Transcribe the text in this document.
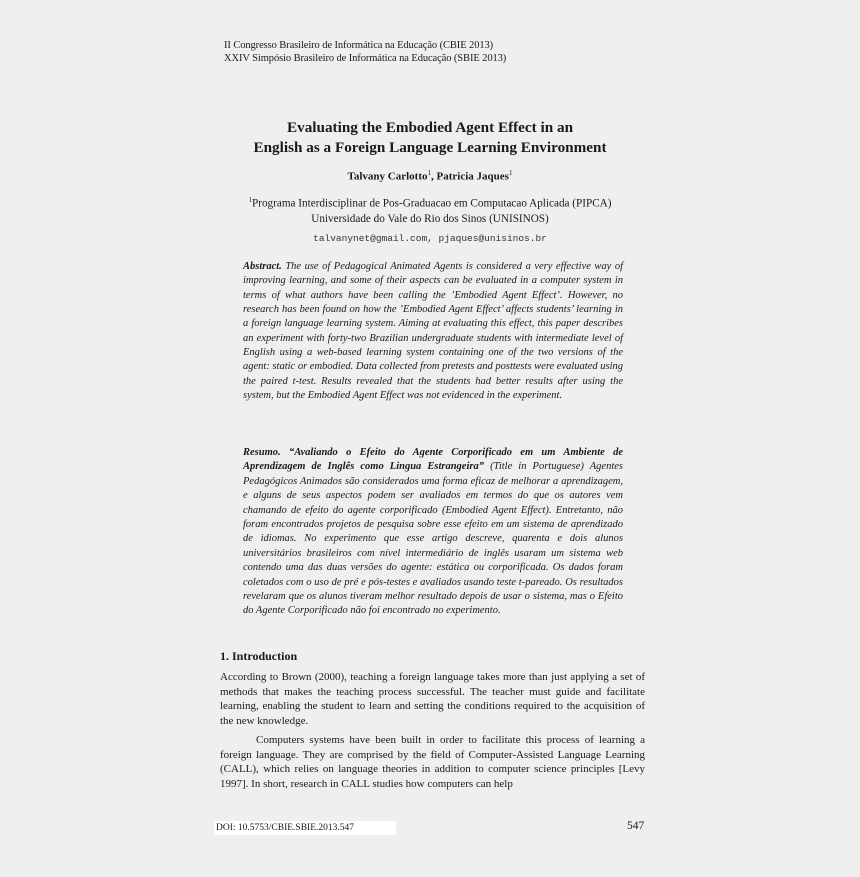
II Congresso Brasileiro de Informática na Educação (CBIE 2013)
XXIV Simpósio Brasileiro de Informática na Educação (SBIE 2013)
Evaluating the Embodied Agent Effect in an
English as a Foreign Language Learning Environment
Talvany Carlotto$^1$, Patricia Jaques$^1$
$^1$Programa Interdisciplinar de Pos-Graduacao em Computacao Aplicada (PIPCA)
Universidade do Vale do Rio dos Sinos (UNISINOS)
talvanynet@gmail.com, pjaques@unisinos.br
Abstract. The use of Pedagogical Animated Agents is considered a very effective way of improving learning, and some of their aspects can be evaluated in a computer system in terms of what authors have been calling the ’Embodied Agent Effect’. However, no research has been found on how the ’Embodied Agent Effect’ affects students’ learning in a foreign language learning system. Aiming at evaluating this effect, this paper describes an experiment with forty-two Brazilian undergraduate students with intermediate level of English using a web-based learning system containing one of the two versions of the agent: static or embodied. Data collected from pretests and posttests were evaluated using the paired t-test. Results revealed that the students had better results after using the system, but the Embodied Agent Effect was not evidenced in the experiment.
Resumo. “Avaliando o Efeito do Agente Corporificado em um Ambiente de Aprendizagem de Inglês como Lingua Estrangeira” (Title in Portuguese) Agentes Pedagógicos Animados são considerados uma forma eficaz de melhorar a aprendizagem, e alguns de seus aspectos podem ser avaliados em termos do que os autores vem chamando de efeito do agente corporificado (Embodied Agent Effect). Entretanto, não foram encontrados projetos de pesquisa sobre esse efeito em um sistema de aprendizado de idiomas. No experimento que esse artigo descreve, quarenta e dois alunos universitários brasileiros com nível intermediário de inglês usaram um sistema web contendo uma das duas versões do agente: estática ou corporificada. Os dados foram coletados com o uso de pré e pós-testes e avaliados usando teste t-pareado. Os resultados revelaram que os alunos tiveram melhor resultado depois de usar o sistema, mas o Efeito do Agente Corporificado não foi encontrado no experimento.
1. Introduction
According to Brown (2000), teaching a foreign language takes more than just applying a set of methods that makes the teaching process successful. The teacher must guide and facilitate learning, enabling the student to learn and setting the conditions required to the acquisition of the new knowledge.
Computers systems have been built in order to facilitate this process of learning a foreign language. They are comprised by the field of Computer-Assisted Language Learning (CALL), which relies on language theories in addition to computer science principles [Levy 1997]. In short, research in CALL studies how computers can help
DOI: 10.5753/CBIE.SBIE.2013.547	547
